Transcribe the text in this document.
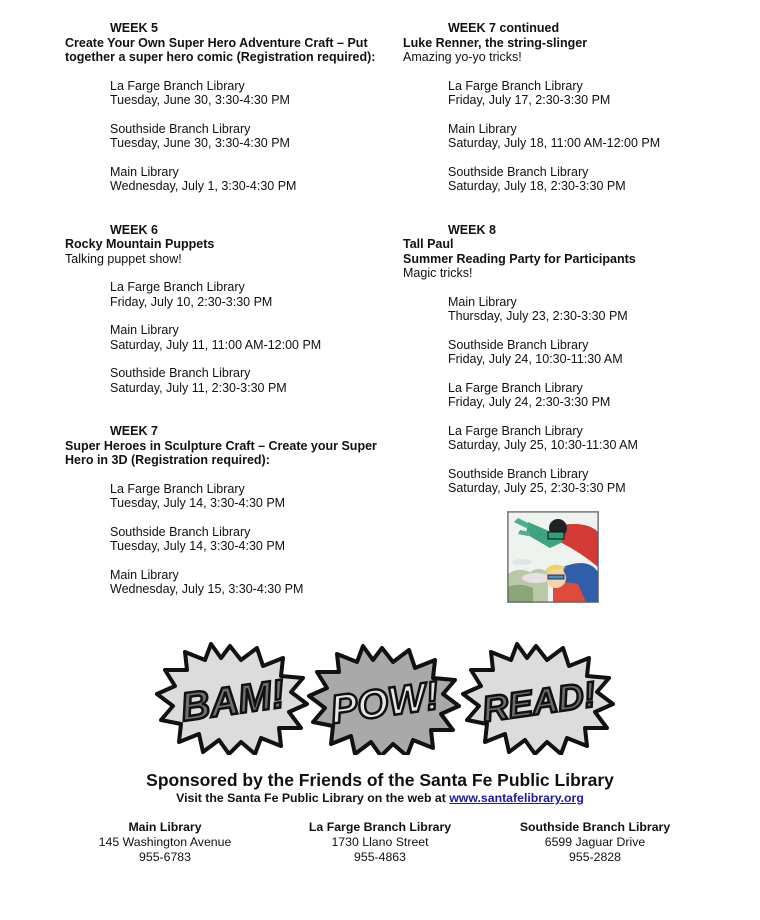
WEEK 5
Create Your Own Super Hero Adventure Craft – Put together a super hero comic (Registration required):
La Farge Branch Library
Tuesday, June 30, 3:30-4:30 PM
Southside Branch Library
Tuesday, June 30, 3:30-4:30 PM
Main Library
Wednesday, July 1, 3:30-4:30 PM
WEEK 6
Rocky Mountain Puppets
Talking puppet show!
La Farge Branch Library
Friday, July 10, 2:30-3:30 PM
Main Library
Saturday, July 11, 11:00 AM-12:00 PM
Southside Branch Library
Saturday, July 11, 2:30-3:30 PM
WEEK 7
Super Heroes in Sculpture Craft – Create your Super Hero in 3D (Registration required):
La Farge Branch Library
Tuesday, July 14, 3:30-4:30 PM
Southside Branch Library
Tuesday, July 14, 3:30-4:30 PM
Main Library
Wednesday, July 15, 3:30-4:30 PM
WEEK 7 continued
Luke Renner, the string-slinger
Amazing yo-yo tricks!
La Farge Branch Library
Friday, July 17, 2:30-3:30 PM
Main Library
Saturday, July 18, 11:00 AM-12:00 PM
Southside Branch Library
Saturday, July 18, 2:30-3:30 PM
WEEK 8
Tall Paul
Summer Reading Party for Participants
Magic tricks!
Main Library
Thursday, July 23, 2:30-3:30 PM
Southside Branch Library
Friday, July 24, 10:30-11:30 AM
La Farge Branch Library
Friday, July 24, 2:30-3:30 PM
La Farge Branch Library
Saturday, July 25, 10:30-11:30 AM
Southside Branch Library
Saturday, July 25, 2:30-3:30 PM
BAM! POW! READ!
Sponsored by the Friends of the Santa Fe Public Library
Visit the Santa Fe Public Library on the web at www.santafelibrary.org
Main Library
145 Washington Avenue
955-6783
La Farge Branch Library
1730 Llano Street
955-4863
Southside Branch Library
6599 Jaguar Drive
955-2828
